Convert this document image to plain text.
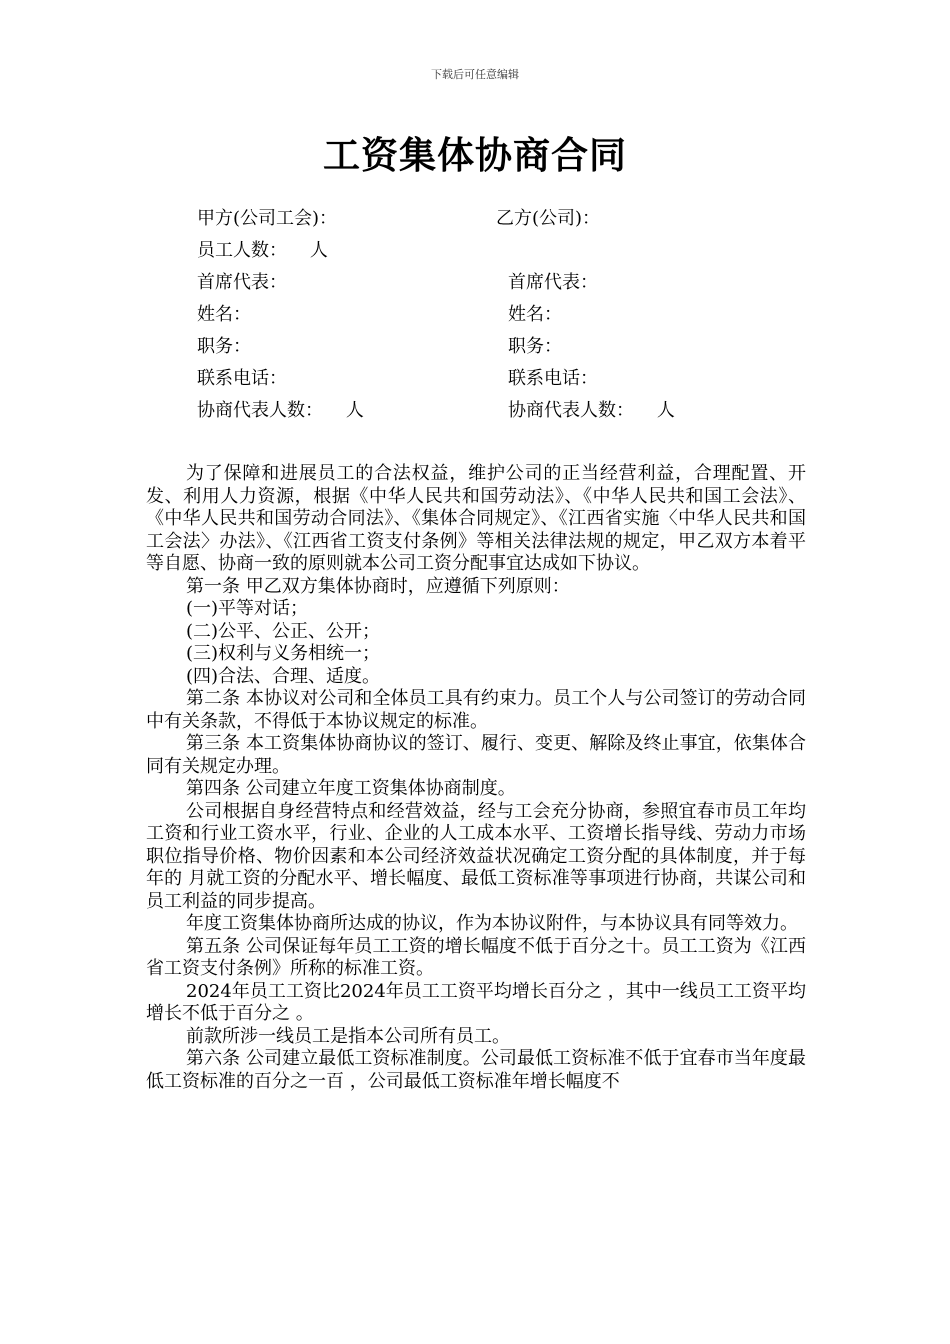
下载后可任意编辑
工资集体协商合同
甲方(公司工会)：	乙方(公司)：
员工人数：    人
首席代表：	首席代表：
姓名：	姓名：
职务：	职务：
联系电话：	联系电话：
协商代表人数：    人	协商代表人数：    人

为了保障和进展员工的合法权益，维护公司的正当经营利益，合理配置、开发、利用人力资源，根据《中华人民共和国劳动法》、《中华人民共和国工会法》、《中华人民共和国劳动合同法》、《集体合同规定》、《江西省实施〈中华人民共和国工会法〉办法》、《江西省工资支付条例》等相关法律法规的规定，甲乙双方本着平等自愿、协商一致的原则就本公司工资分配事宜达成如下协议。

第一条 甲乙双方集体协商时，应遵循下列原则：

(一)平等对话；

(二)公平、公正、公开；

(三)权利与义务相统一；

(四)合法、合理、适度。

第二条 本协议对公司和全体员工具有约束力。员工个人与公司签订的劳动合同中有关条款，不得低于本协议规定的标准。

第三条 本工资集体协商协议的签订、履行、变更、解除及终止事宜，依集体合同有关规定办理。

第四条 公司建立年度工资集体协商制度。

公司根据自身经营特点和经营效益，经与工会充分协商，参照宜春市员工年均工资和行业工资水平，行业、企业的人工成本水平、工资增长指导线、劳动力市场职位指导价格、物价因素和本公司经济效益状况确定工资分配的具体制度，并于每年的 月就工资的分配水平、增长幅度、最低工资标准等事项进行协商，共谋公司和员工利益的同步提高。

年度工资集体协商所达成的协议，作为本协议附件，与本协议具有同等效力。

第五条 公司保证每年员工工资的增长幅度不低于百分之十。员工工资为《江西省工资支付条例》所称的标准工资。

2024年员工工资比2024年员工工资平均增长百分之 ，其中一线员工工资平均增长不低于百分之 。

前款所涉一线员工是指本公司所有员工。

第六条 公司建立最低工资标准制度。公司最低工资标准不低于宜春市当年度最低工资标准的百分之一百 ，公司最低工资标准年增长幅度不
